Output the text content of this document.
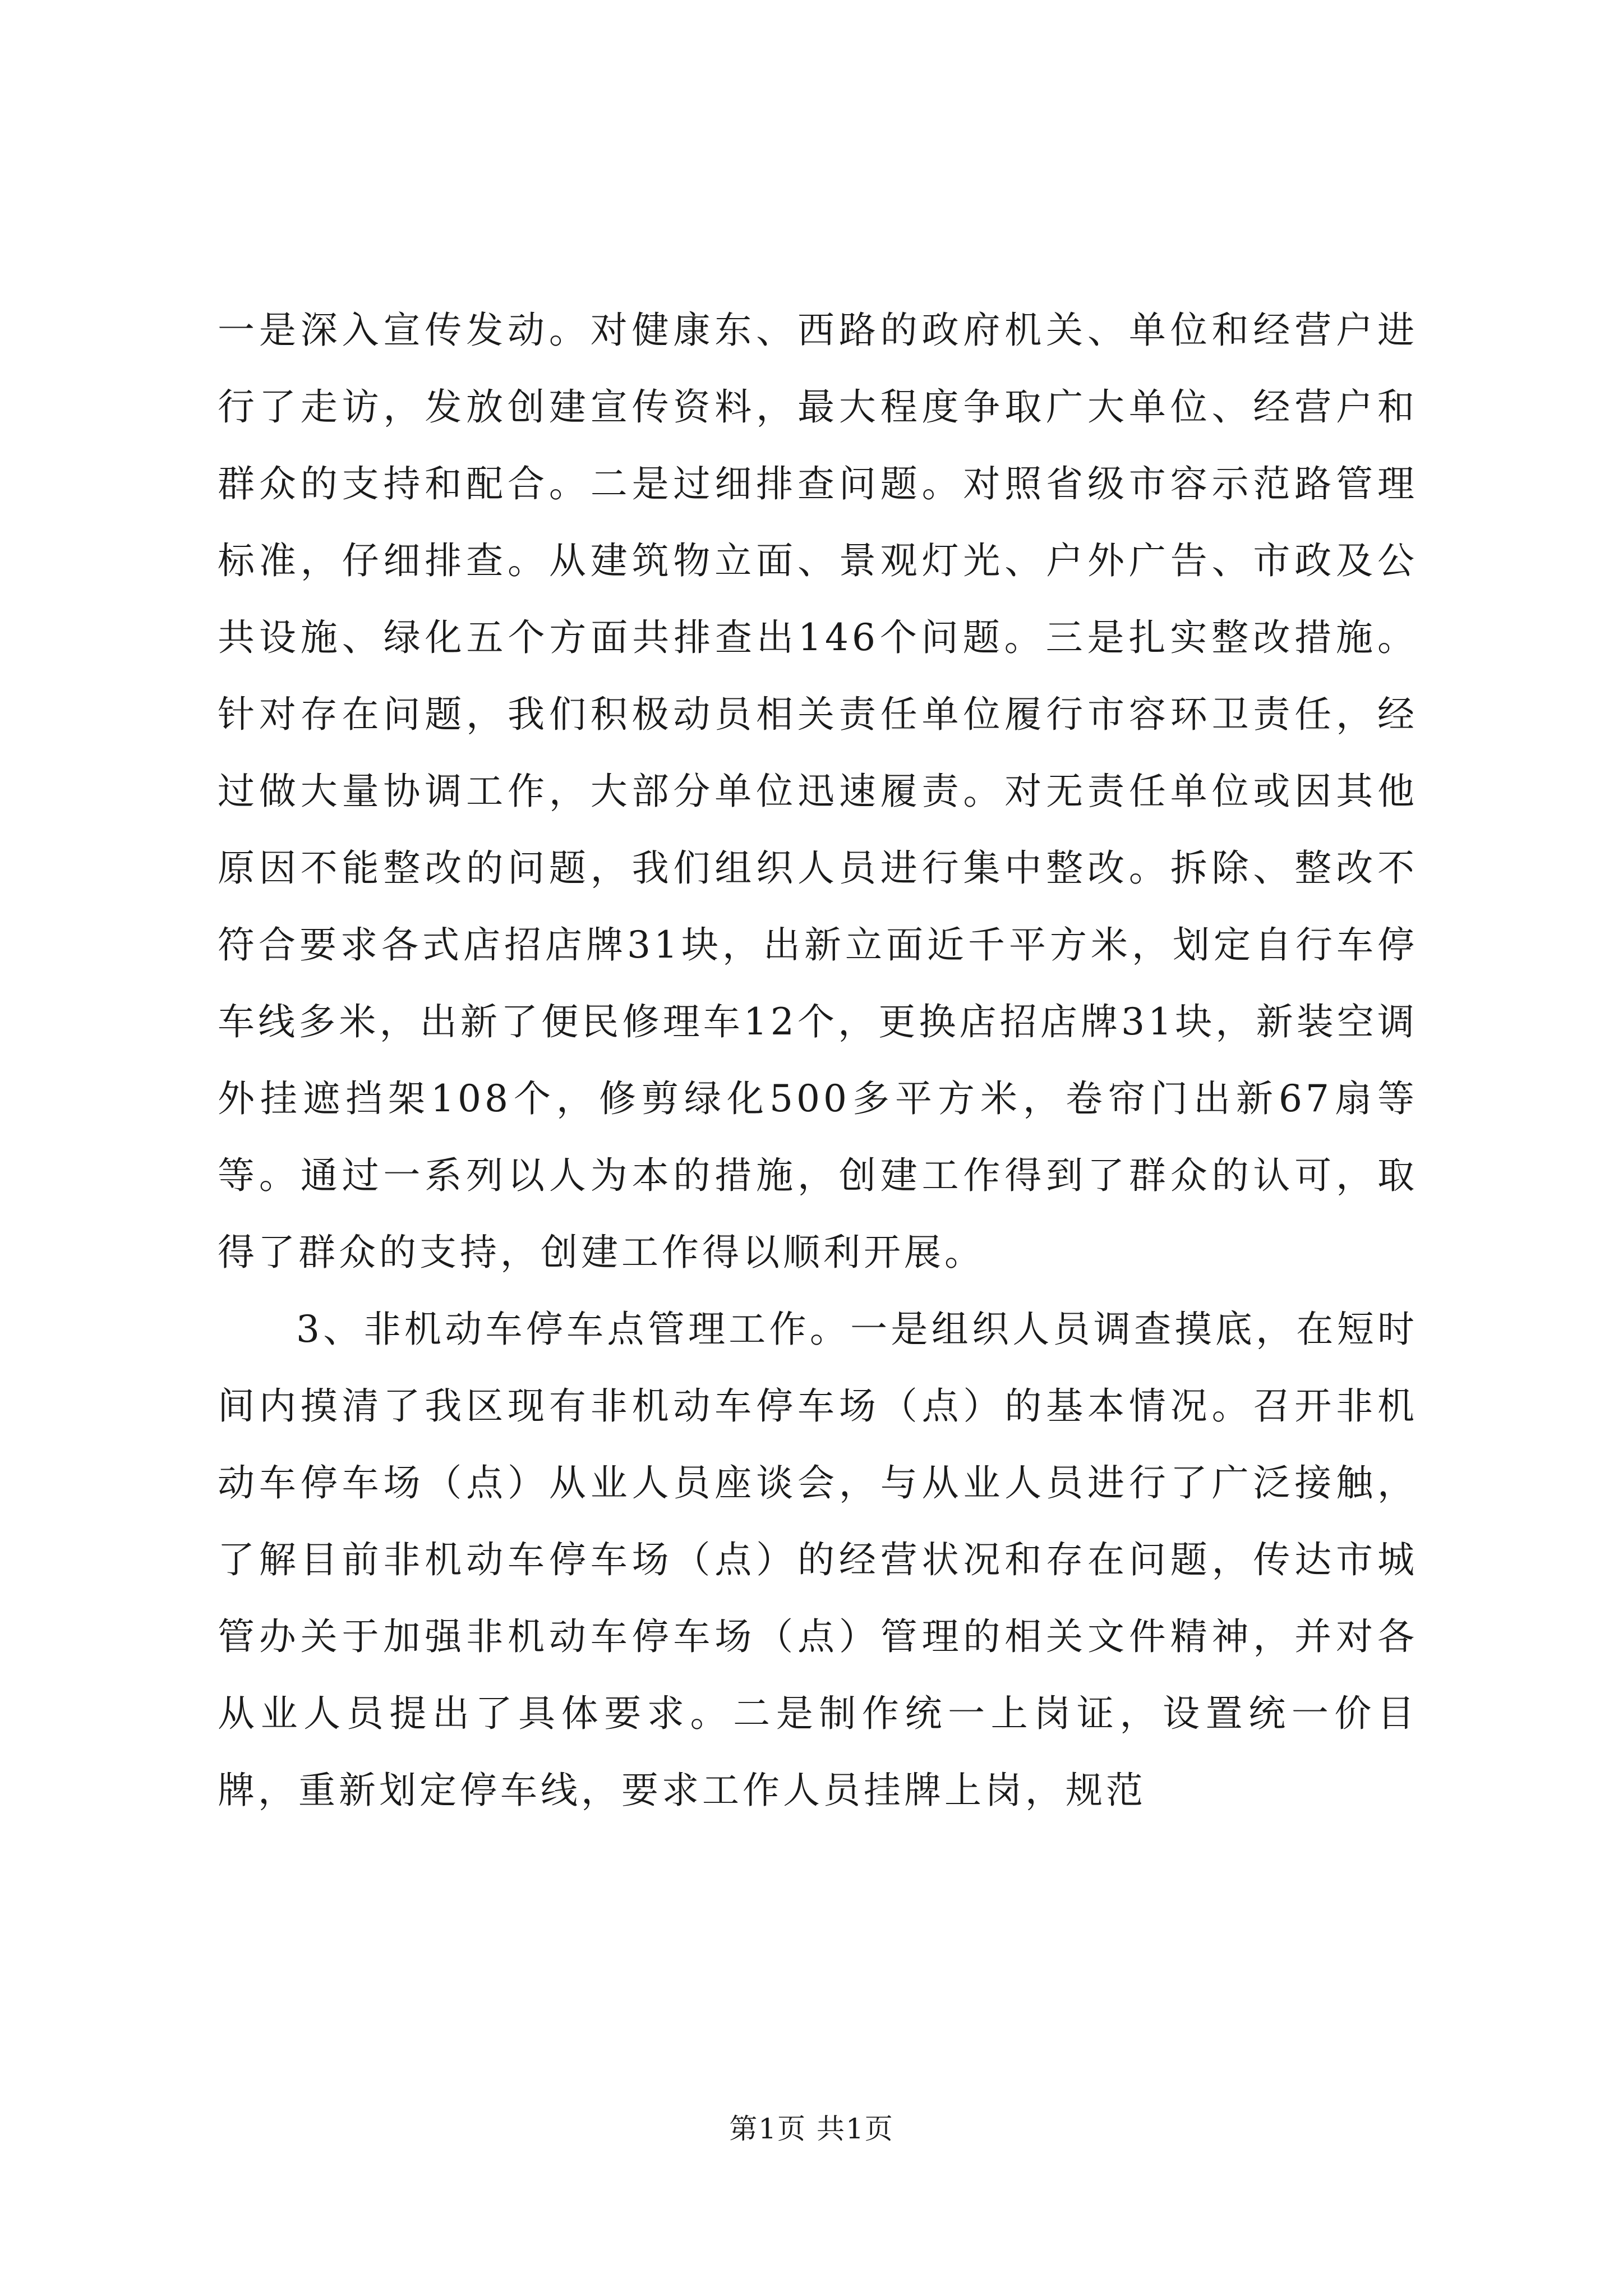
一是深入宣传发动。对健康东、西路的政府机关、单位和经营户进行了走访，发放创建宣传资料，最大程度争取广大单位、经营户和群众的支持和配合。二是过细排查问题。对照省级市容示范路管理标准，仔细排查。从建筑物立面、景观灯光、户外广告、市政及公共设施、绿化五个方面共排查出146个问题。三是扎实整改措施。针对存在问题，我们积极动员相关责任单位履行市容环卫责任，经过做大量协调工作，大部分单位迅速履责。对无责任单位或因其他原因不能整改的问题，我们组织人员进行集中整改。拆除、整改不符合要求各式店招店牌31块，出新立面近千平方米，划定自行车停车线多米，出新了便民修理车12个，更换店招店牌31块，新装空调外挂遮挡架108个，修剪绿化500多平方米，卷帘门出新67扇等等。通过一系列以人为本的措施，创建工作得到了群众的认可，取得了群众的支持，创建工作得以顺利开展。

3、非机动车停车点管理工作。一是组织人员调查摸底，在短时间内摸清了我区现有非机动车停车场（点）的基本情况。召开非机动车停车场（点）从业人员座谈会，与从业人员进行了广泛接触，了解目前非机动车停车场（点）的经营状况和存在问题，传达市城管办关于加强非机动车停车场（点）管理的相关文件精神，并对各从业人员提出了具体要求。二是制作统一上岗证，设置统一价目牌，重新划定停车线，要求工作人员挂牌上岗，规范

第1页 共1页
